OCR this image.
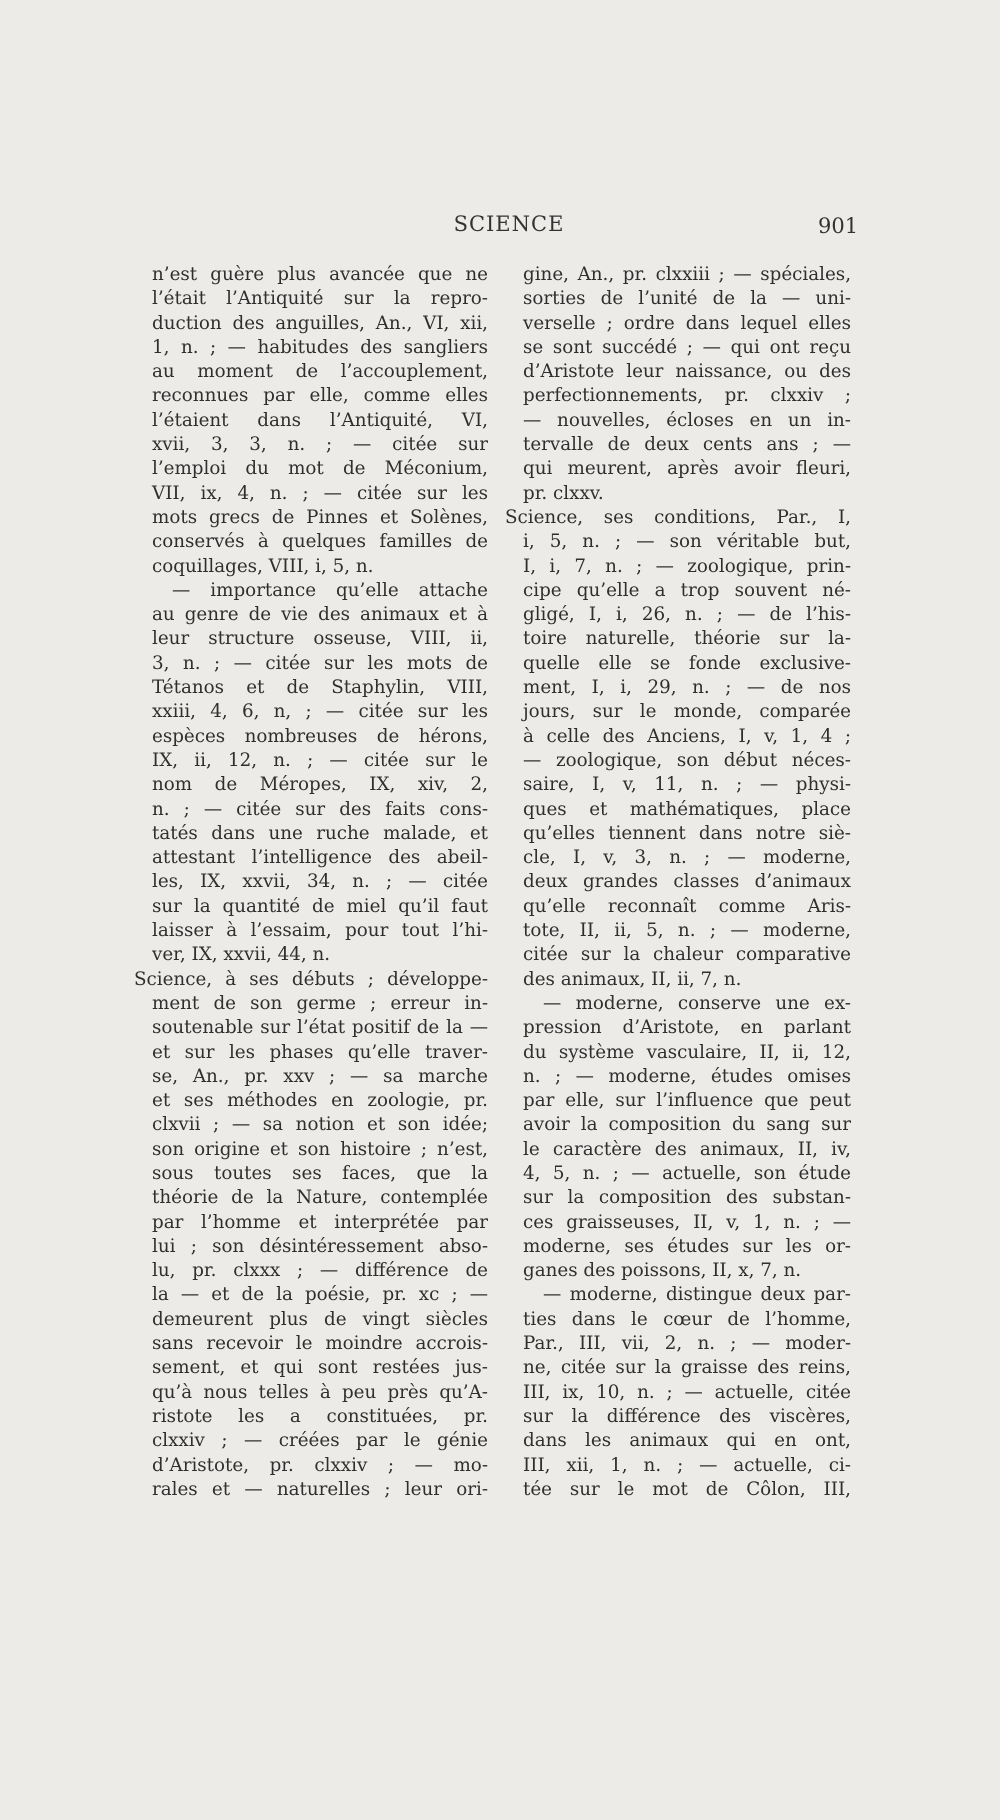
SCIENCE	901
n’est guère plus avancée que ne
l’était l’Antiquité sur la repro-
duction des anguilles, An., VI, xii,
1, n. ; — habitudes des sangliers
au moment de l’accouplement,
reconnues par elle, comme elles
l’étaient dans l’Antiquité, VI,
xvii, 3, 3, n. ; — citée sur
l’emploi du mot de Méconium,
VII, ix, 4, n. ; — citée sur les
mots grecs de Pinnes et Solènes,
conservés à quelques familles de
coquillages, VIII, i, 5, n.
— importance qu’elle attache
au genre de vie des animaux et à
leur structure osseuse, VIII, ii,
3, n. ; — citée sur les mots de
Tétanos et de Staphylin, VIII,
xxiii, 4, 6, n, ; — citée sur les
espèces nombreuses de hérons,
IX, ii, 12, n. ; — citée sur le
nom de Méropes, IX, xiv, 2,
n. ; — citée sur des faits cons-
tatés dans une ruche malade, et
attestant l’intelligence des abeil-
les, IX, xxvii, 34, n. ; — citée
sur la quantité de miel qu’il faut
laisser à l’essaim, pour tout l’hi-
ver, IX, xxvii, 44, n.
Science, à ses débuts ; développe-
ment de son germe ; erreur in-
soutenable sur l’état positif de la —
et sur les phases qu’elle traver-
se, An., pr. xxv ; — sa marche
et ses méthodes en zoologie, pr.
clxvii ; — sa notion et son idée;
son origine et son histoire ; n’est,
sous toutes ses faces, que la
théorie de la Nature, contemplée
par l’homme et interprétée par
lui ; son désintéressement abso-
lu, pr. clxxx ; — différence de
la — et de la poésie, pr. xc ; —
demeurent plus de vingt siècles
sans recevoir le moindre accrois-
sement, et qui sont restées jus-
qu’à nous telles à peu près qu’A-
ristote les a constituées, pr.
clxxiv ; — créées par le génie
d’Aristote, pr. clxxiv ; — mo-
rales et — naturelles ; leur ori-
gine, An., pr. clxxiii ; — spéciales,
sorties de l’unité de la — uni-
verselle ; ordre dans lequel elles
se sont succédé ; — qui ont reçu
d’Aristote leur naissance, ou des
perfectionnements, pr. clxxiv ;
— nouvelles, écloses en un in-
tervalle de deux cents ans ; —
qui meurent, après avoir fleuri,
pr. clxxv.
Science, ses conditions, Par., I,
i, 5, n. ; — son véritable but,
I, i, 7, n. ; — zoologique, prin-
cipe qu’elle a trop souvent né-
gligé, I, i, 26, n. ; — de l’his-
toire naturelle, théorie sur la-
quelle elle se fonde exclusive-
ment, I, i, 29, n. ; — de nos
jours, sur le monde, comparée
à celle des Anciens, I, v, 1, 4 ;
— zoologique, son début néces-
saire, I, v, 11, n. ; — physi-
ques et mathématiques, place
qu’elles tiennent dans notre siè-
cle, I, v, 3, n. ; — moderne,
deux grandes classes d’animaux
qu’elle reconnaît comme Aris-
tote, II, ii, 5, n. ; — moderne,
citée sur la chaleur comparative
des animaux, II, ii, 7, n.
— moderne, conserve une ex-
pression d’Aristote, en parlant
du système vasculaire, II, ii, 12,
n. ; — moderne, études omises
par elle, sur l’influence que peut
avoir la composition du sang sur
le caractère des animaux, II, iv,
4, 5, n. ; — actuelle, son étude
sur la composition des substan-
ces graisseuses, II, v, 1, n. ; —
moderne, ses études sur les or-
ganes des poissons, II, x, 7, n.
— moderne, distingue deux par-
ties dans le cœur de l’homme,
Par., III, vii, 2, n. ; — moder-
ne, citée sur la graisse des reins,
III, ix, 10, n. ; — actuelle, citée
sur la différence des viscères,
dans les animaux qui en ont,
III, xii, 1, n. ; — actuelle, ci-
tée sur le mot de Côlon, III,
